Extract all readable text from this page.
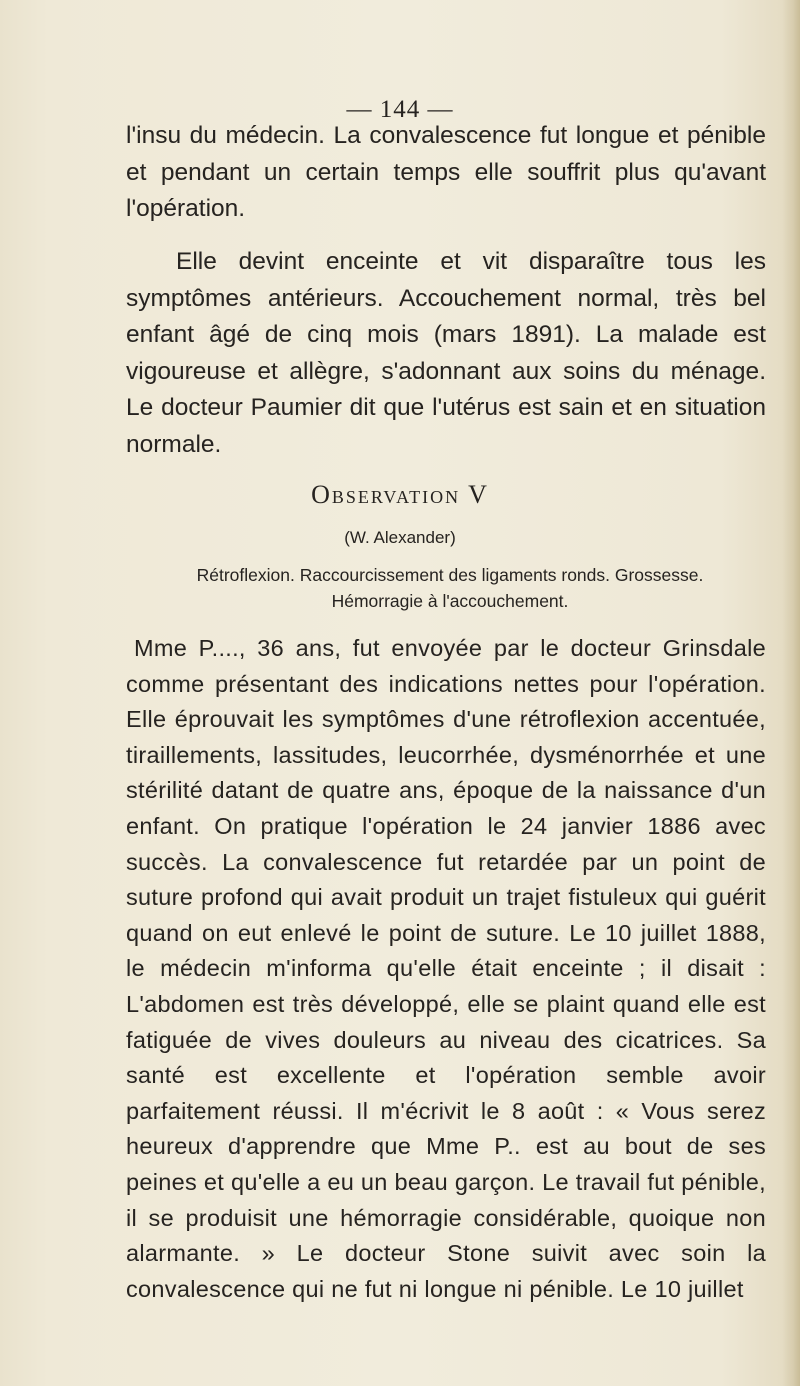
— 144 —

l'insu du médecin. La convalescence fut longue et pénible et pendant un certain temps elle souffrit plus qu'avant l'opération.

Elle devint enceinte et vit disparaître tous les symptômes antérieurs. Accouchement normal, très bel enfant âgé de cinq mois (mars 1891). La malade est vigoureuse et allègre, s'adonnant aux soins du ménage. Le docteur Paumier dit que l'utérus est sain et en situation normale.

Observation V
(W. Alexander)
Rétroflexion. Raccourcissement des ligaments ronds. Grossesse. Hémorragie à l'accouchement.

Mme P...., 36 ans, fut envoyée par le docteur Grinsdale comme présentant des indications nettes pour l'opération. Elle éprouvait les symptômes d'une rétroflexion accentuée, tiraillements, lassitudes, leucorrhée, dysménorrhée et une stérilité datant de quatre ans, époque de la naissance d'un enfant. On pratique l'opération le 24 janvier 1886 avec succès. La convalescence fut retardée par un point de suture profond qui avait produit un trajet fistuleux qui guérit quand on eut enlevé le point de suture. Le 10 juillet 1888, le médecin m'informa qu'elle était enceinte ; il disait : L'abdomen est très développé, elle se plaint quand elle est fatiguée de vives douleurs au niveau des cicatrices. Sa santé est excellente et l'opération semble avoir parfaitement réussi. Il m'écrivit le 8 août : « Vous serez heureux d'apprendre que Mme P.. est au bout de ses peines et qu'elle a eu un beau garçon. Le travail fut pénible, il se produisit une hémorragie considérable, quoique non alarmante. » Le docteur Stone suivit avec soin la convalescence qui ne fut ni longue ni pénible. Le 10 juillet
